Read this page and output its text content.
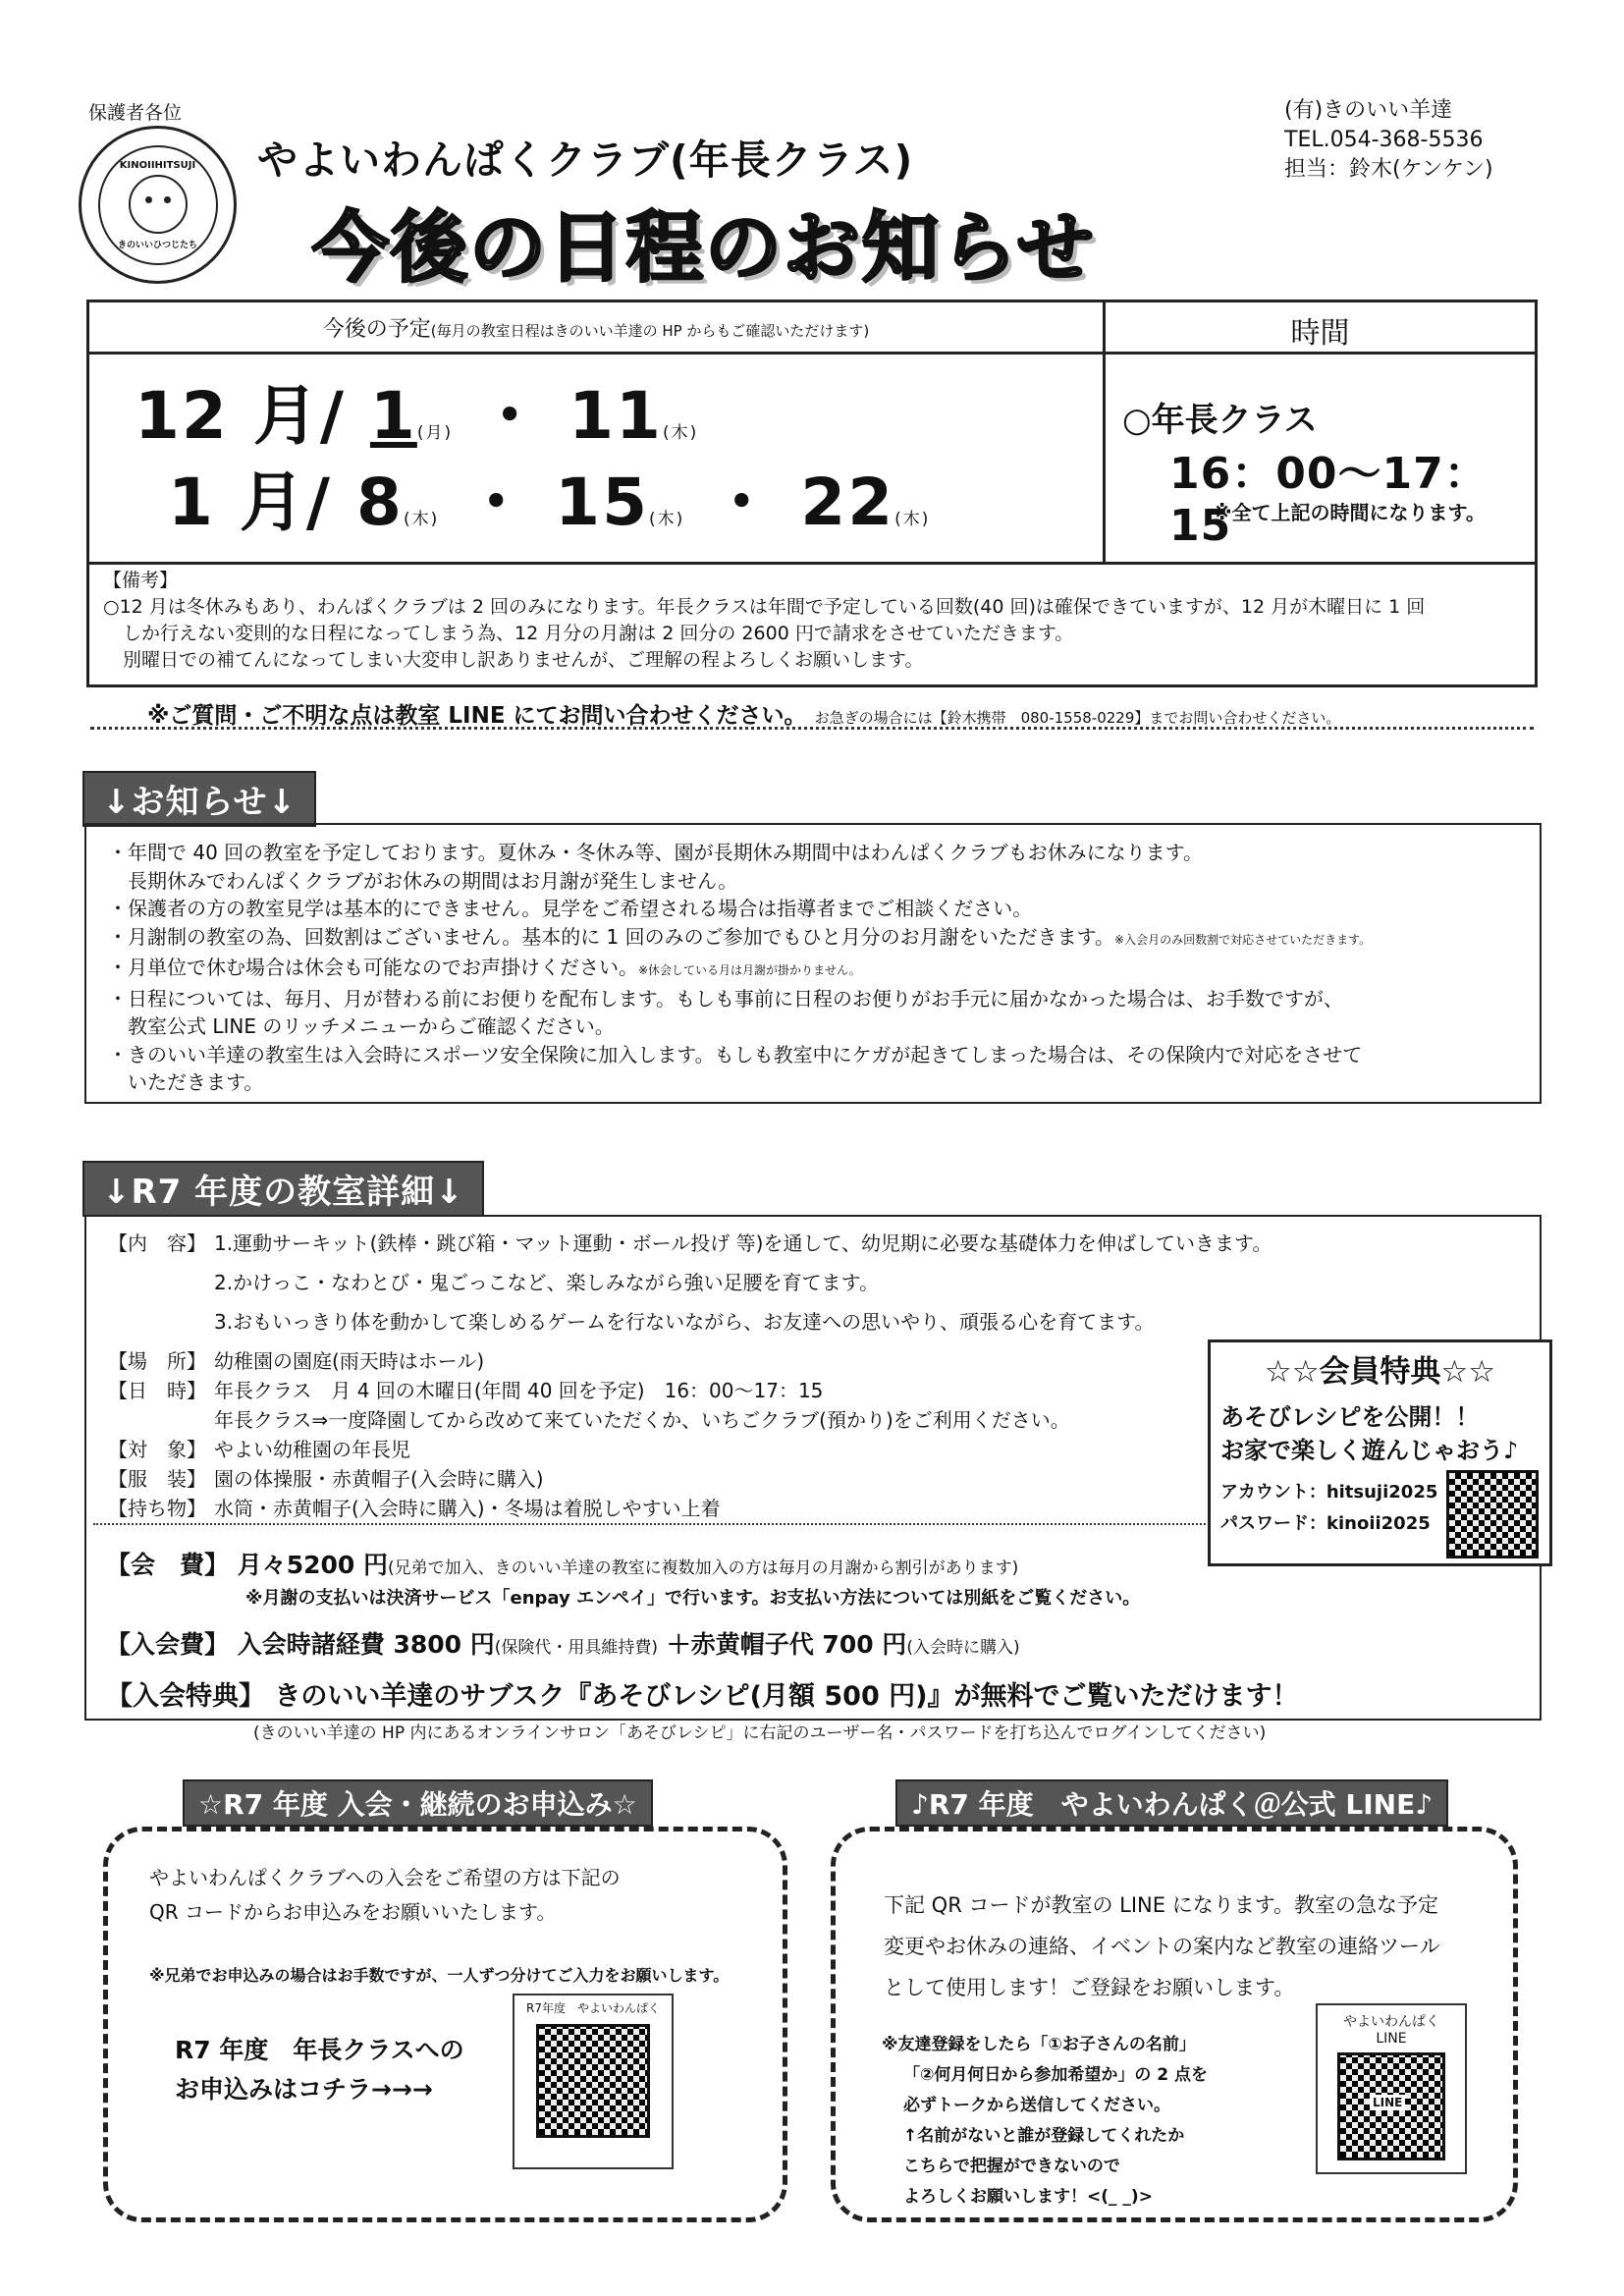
保護者各位
KINOIIHITSUJI
きのいいひつじたち
やよいわんぱくクラブ(年長クラス)
今後の日程のお知らせ
(有)きのいい羊達
TEL.054-368-5536
担当：鈴木(ケンケン)
今後の予定(毎月の教室日程はきのいい羊達の HP からもご確認いただけます)	時間
12 月/ 1(月) ・ 11(木)
1 月/ 8(木) ・ 15(木) ・ 22(木)
○年長クラス
16：00〜17：15
※全て上記の時間になります。
【備考】
○12 月は冬休みもあり、わんぱくクラブは 2 回のみになります。年長クラスは年間で予定している回数(40 回)は確保できていますが、12 月が木曜日に 1 回
しか行えない変則的な日程になってしまう為、12 月分の月謝は 2 回分の 2600 円で請求をさせていただきます。
別曜日での補てんになってしまい大変申し訳ありませんが、ご理解の程よろしくお願いします。
※ご質問・ご不明な点は教室 LINE にてお問い合わせください。 お急ぎの場合には【鈴木携帯　080-1558-0229】までお問い合わせください。
↓お知らせ↓
・年間で 40 回の教室を予定しております。夏休み・冬休み等、園が長期休み期間中はわんぱくクラブもお休みになります。
長期休みでわんぱくクラブがお休みの期間はお月謝が発生しません。
・保護者の方の教室見学は基本的にできません。見学をご希望される場合は指導者までご相談ください。
・月謝制の教室の為、回数割はございません。基本的に 1 回のみのご参加でもひと月分のお月謝をいただきます。※入会月のみ回数割で対応させていただきます。
・月単位で休む場合は休会も可能なのでお声掛けください。※休会している月は月謝が掛かりません。
・日程については、毎月、月が替わる前にお便りを配布します。もしも事前に日程のお便りがお手元に届かなかった場合は、お手数ですが、
教室公式 LINE のリッチメニューからご確認ください。
・きのいい羊達の教室生は入会時にスポーツ安全保険に加入します。もしも教室中にケガが起きてしまった場合は、その保険内で対応をさせて
いただきます。
↓R7 年度の教室詳細↓
【内　容】 1.運動サーキット(鉄棒・跳び箱・マット運動・ボール投げ 等)を通して、幼児期に必要な基礎体力を伸ばしていきます。
2.かけっこ・なわとび・鬼ごっこなど、楽しみながら強い足腰を育てます。
3.おもいっきり体を動かして楽しめるゲームを行ないながら、お友達への思いやり、頑張る心を育てます。
【場　所】 幼稚園の園庭(雨天時はホール)
【日　時】 年長クラス　月 4 回の木曜日(年間 40 回を予定)　16：00〜17：15
年長クラス⇒一度降園してから改めて来ていただくか、いちごクラブ(預かり)をご利用ください。
【対　象】 やよい幼稚園の年長児
【服　装】 園の体操服・赤黄帽子(入会時に購入)
【持ち物】 水筒・赤黄帽子(入会時に購入)・冬場は着脱しやすい上着
【会　費】 月々5200 円(兄弟で加入、きのいい羊達の教室に複数加入の方は毎月の月謝から割引があります)
※月謝の支払いは決済サービス「enpay エンペイ」で行います。お支払い方法については別紙をご覧ください。
【入会費】 入会時諸経費 3800 円(保険代・用具維持費) ＋赤黄帽子代 700 円(入会時に購入)
【入会特典】 きのいい羊達のサブスク『あそびレシピ(月額 500 円)』が無料でご覧いただけます！
(きのいい羊達の HP 内にあるオンラインサロン「あそびレシピ」に右記のユーザー名・パスワードを打ち込んでログインしてください)
☆☆会員特典☆☆
あそびレシピを公開！！
お家で楽しく遊んじゃおう♪
アカウント：hitsuji2025
パスワード：kinoii2025
☆R7 年度 入会・継続のお申込み☆
やよいわんぱくクラブへの入会をご希望の方は下記の
QR コードからお申込みをお願いいたします。
※兄弟でお申込みの場合はお手数ですが、一人ずつ分けてご入力をお願いします。
R7 年度　年長クラスへの
お申込みはコチラ→→→
R7年度　やよいわんぱく
♪R7 年度　やよいわんぱく＠公式 LINE♪
下記 QR コードが教室の LINE になります。教室の急な予定
変更やお休みの連絡、イベントの案内など教室の連絡ツール
として使用します！ご登録をお願いします。
※友達登録をしたら「①お子さんの名前」
「②何月何日から参加希望か」の 2 点を
必ずトークから送信してください。
↑名前がないと誰が登録してくれたか
こちらで把握ができないので
よろしくお願いします！<(_ _)>
やよいわんぱく
LINE
LINE
